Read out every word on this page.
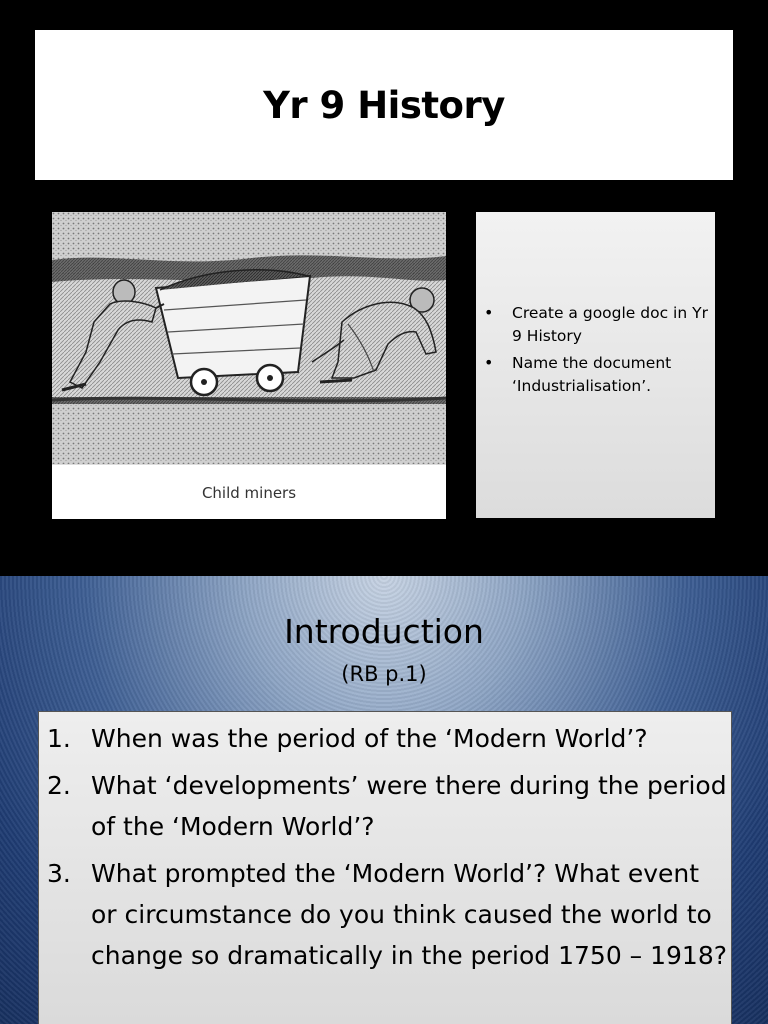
Yr 9 History
Child miners
• Create a google doc in Yr 9 History
• Name the document ‘Industrialisation’.
Introduction
(RB p.1)
1. When was the period of the ‘Modern World’?
2. What ‘developments’ were there during the period of the ‘Modern World’?
3. What prompted the ‘Modern World’? What event or circumstance do you think caused the world to change so dramatically in the period 1750 – 1918?
